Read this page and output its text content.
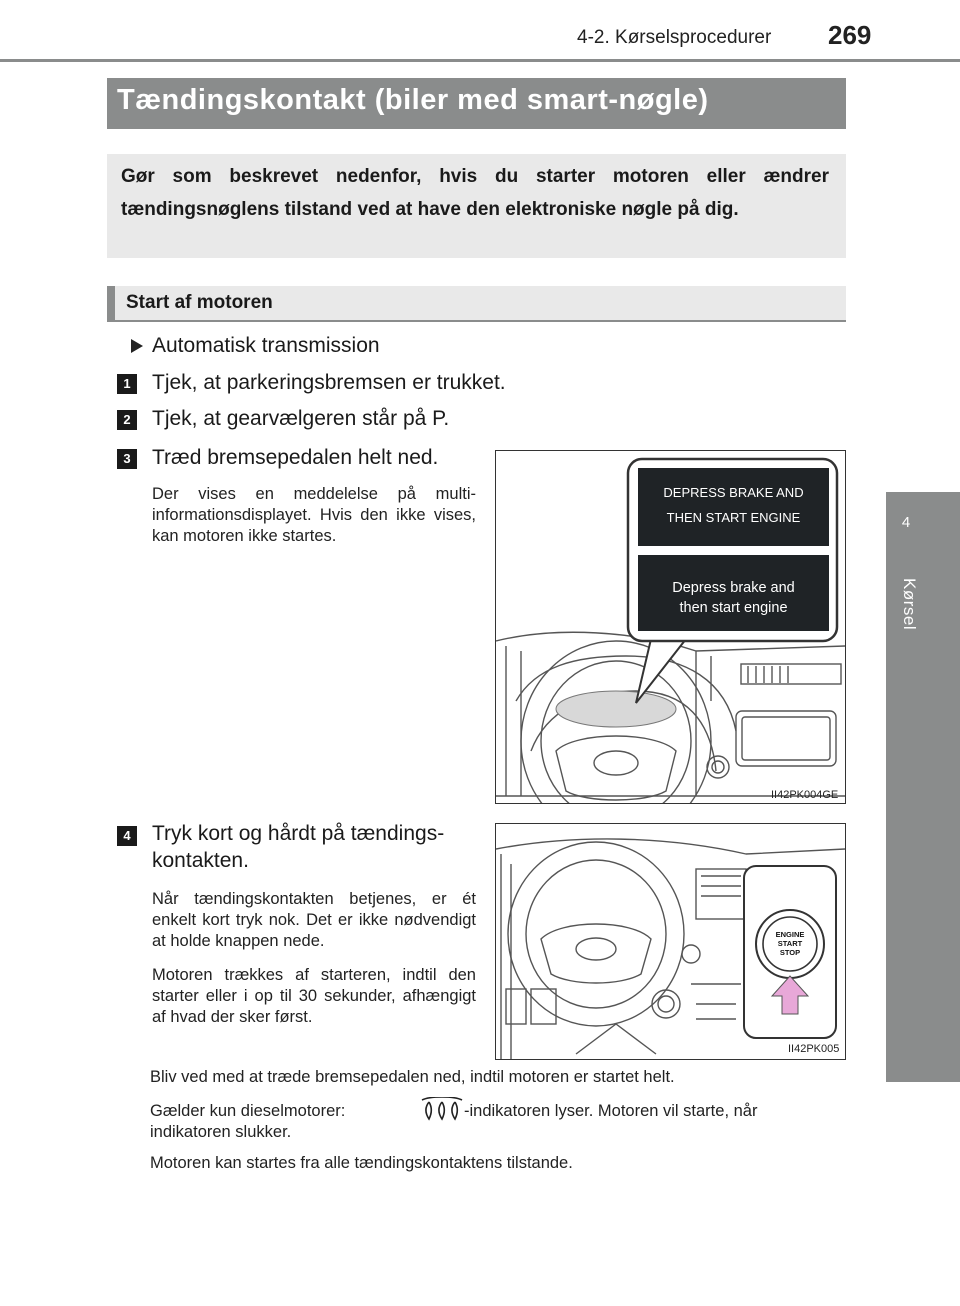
4-2. Kørselsprocedurer 269
4
Kørsel
Tændingskontakt (biler med smart-nøgle)
Gør som beskrevet nedenfor, hvis du starter motoren eller ændrer tændingsnøglens tilstand ved at have den elektroniske nøgle på dig.
Start af motoren
Automatisk transmission
1	Tjek, at parkeringsbremsen er trukket.
2	Tjek, at gearvælgeren står på P.
3	Træd bremsepedalen helt ned.
Der vises en meddelelse på multi-informationsdisplayet. Hvis den ikke vises, kan motoren ikke startes.
DEPRESS BRAKE AND
THEN START ENGINE
Depress brake and
then start engine
II42PK004GE
4	Tryk kort og hårdt på tændings-
kontakten.
Når tændingskontakten betjenes, er ét enkelt kort tryk nok. Det er ikke nødvendigt at holde knappen nede.
Motoren trækkes af starteren, indtil den starter eller i op til 30 sekunder, afhængigt af hvad der sker først.
ENGINE
START
STOP
II42PK005
Bliv ved med at træde bremsepedalen ned, indtil motoren er startet helt.
Gælder kun dieselmotorer:	-indikatoren lyser. Motoren vil starte, når
indikatoren slukker.
Motoren kan startes fra alle tændingskontaktens tilstande.
